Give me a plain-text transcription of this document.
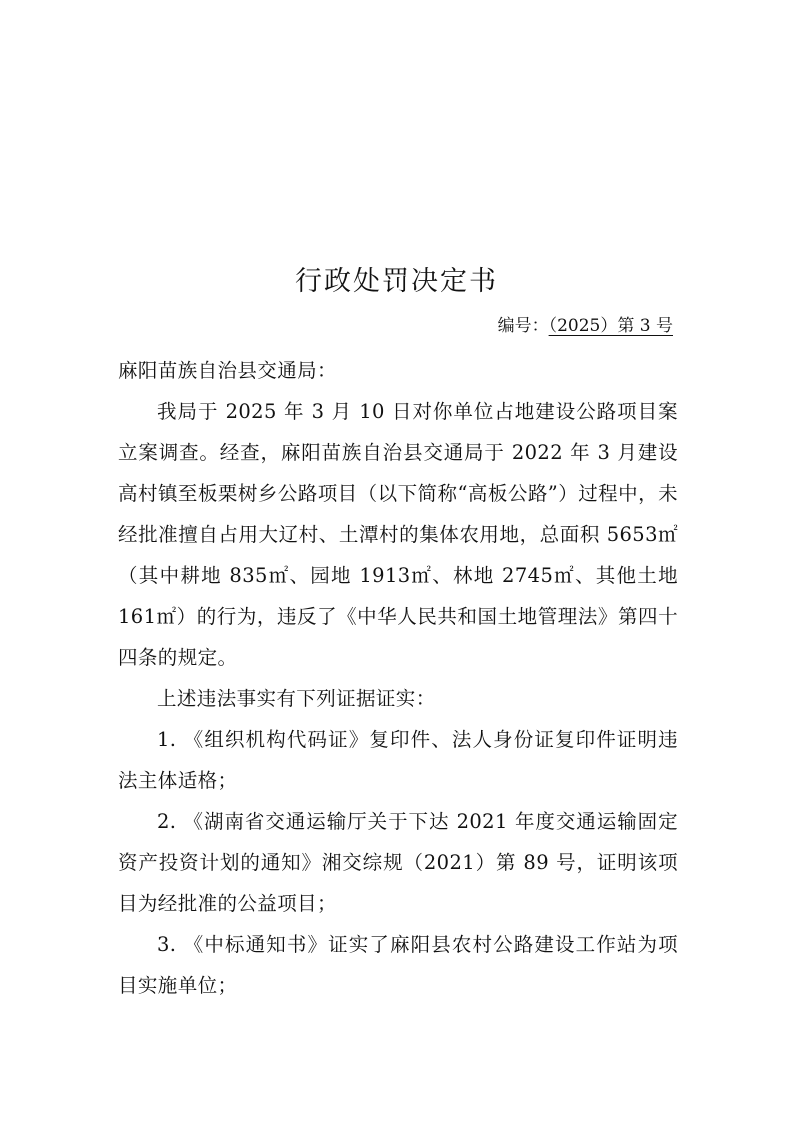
行政处罚决定书
编号：（2025）第 3 号

麻阳苗族自治县交通局：

我局于 2025 年 3 月 10 日对你单位占地建设公路项目案立案调查。经查，麻阳苗族自治县交通局于 2022 年 3 月建设高村镇至板栗树乡公路项目（以下简称“高板公路”）过程中，未经批准擅自占用大辽村、土潭村的集体农用地，总面积 5653㎡（其中耕地 835㎡、园地 1913㎡、林地 2745㎡、其他土地 161㎡）的行为，违反了《中华人民共和国土地管理法》第四十四条的规定。

上述违法事实有下列证据证实：

1. 《组织机构代码证》复印件、法人身份证复印件证明违法主体适格；

2. 《湖南省交通运输厅关于下达 2021 年度交通运输固定资产投资计划的通知》湘交综规（2021）第 89 号，证明该项目为经批准的公益项目；

3. 《中标通知书》证实了麻阳县农村公路建设工作站为项目实施单位；
